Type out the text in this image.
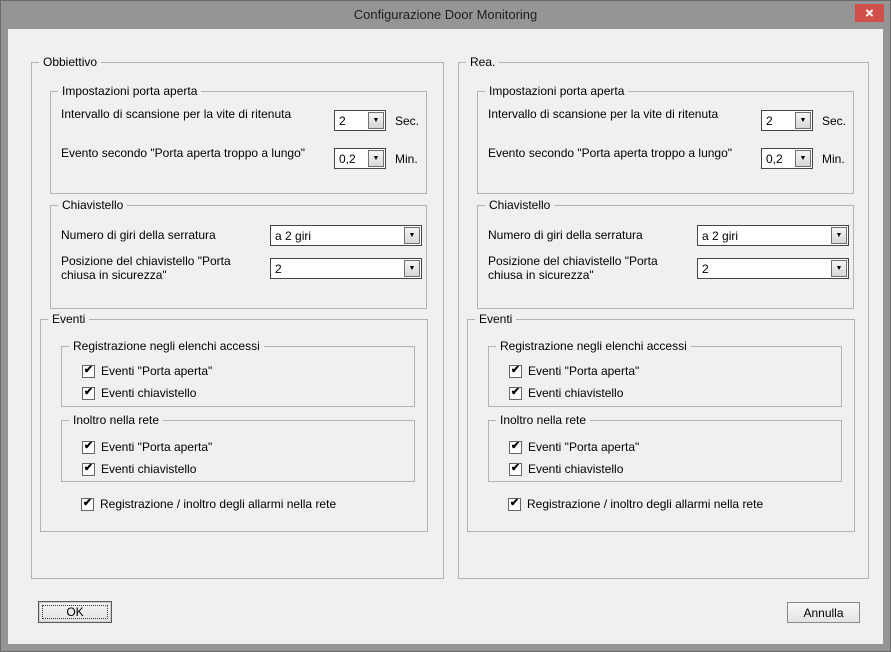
Configurazione Door Monitoring	✕
Obbiettivo
Impostazioni porta aperta
Intervallo di scansione per la vite di ritenuta	2	▼	Sec.
Evento secondo "Porta aperta troppo a lungo"	0,2	▼	Min.
Chiavistello
Numero di giri della serratura	a 2 giri	▼
Posizione del chiavistello "Porta chiusa in sicurezza"	2	▼
Eventi
Registrazione negli elenchi accessi
✔ Eventi "Porta aperta"
✔ Eventi chiavistello
Inoltro nella rete
✔ Eventi "Porta aperta"
✔ Eventi chiavistello
✔ Registrazione / inoltro degli allarmi nella rete
Rea.
Impostazioni porta aperta
Intervallo di scansione per la vite di ritenuta	2	▼	Sec.
Evento secondo "Porta aperta troppo a lungo"	0,2	▼	Min.
Chiavistello
Numero di giri della serratura	a 2 giri	▼
Posizione del chiavistello "Porta chiusa in sicurezza"	2	▼
Eventi
Registrazione negli elenchi accessi
✔ Eventi "Porta aperta"
✔ Eventi chiavistello
Inoltro nella rete
✔ Eventi "Porta aperta"
✔ Eventi chiavistello
✔ Registrazione / inoltro degli allarmi nella rete
OK	Annulla
